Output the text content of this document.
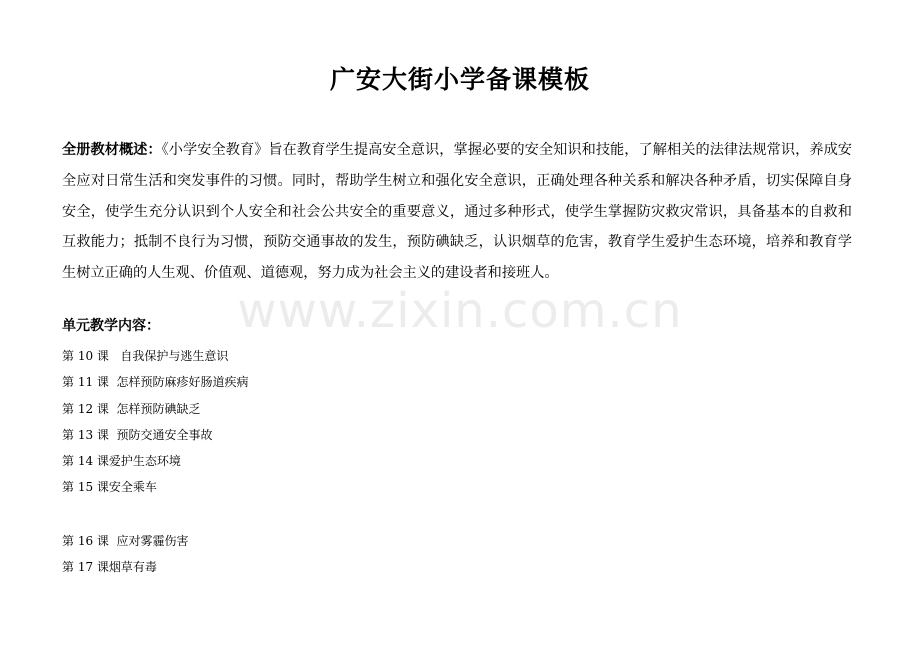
www.zixin.com.cn
广安大街小学备课模板

全册教材概述：《小学安全教育》旨在教育学生提高安全意识，掌握必要的安全知识和技能，了解相关的法律法规常识，养成安全应对日常生活和突发事件的习惯。同时，帮助学生树立和强化安全意识，正确处理各种关系和解决各种矛盾，切实保障自身安全，使学生充分认识到个人安全和社会公共安全的重要意义，通过多种形式，使学生掌握防灾救灾常识，具备基本的自救和互救能力；抵制不良行为习惯，预防交通事故的发生，预防碘缺乏，认识烟草的危害，教育学生爱护生态环境，培养和教育学生树立正确的人生观、价值观、道德观，努力成为社会主义的建设者和接班人。

单元教学内容：
第 10 课   自我保护与逃生意识
第 11 课  怎样预防麻疹好肠道疾病
第 12 课  怎样预防碘缺乏
第 13 课  预防交通安全事故
第 14 课爱护生态环境
第 15 课安全乘车
第 16 课  应对雾霾伤害
第 17 课烟草有毒
